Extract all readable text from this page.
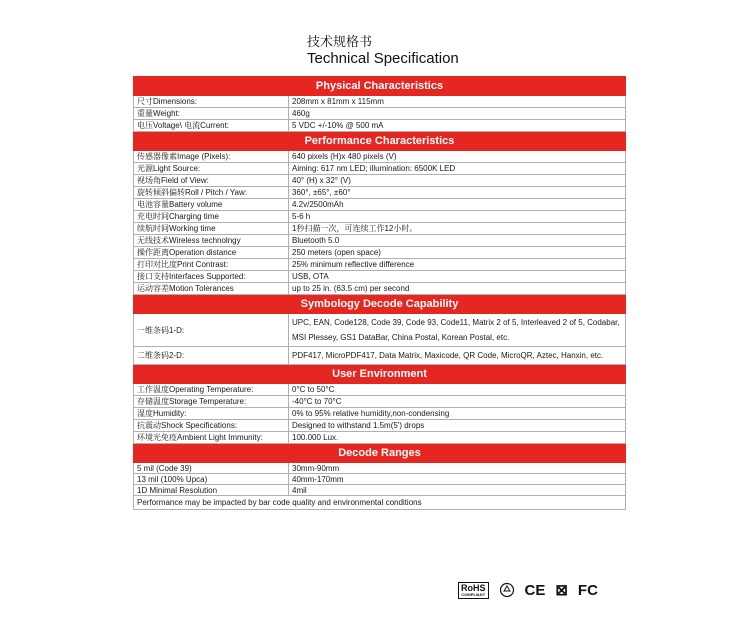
技术规格书
Technical Specification
Physical Characteristics	
尺寸Dimensions:	208mm x 81mm x 115mm
重量Weight:	460g
电压Voltage\ 电流Current:	5 VDC +/-10% @ 500 mA
Performance Characteristics	
传感器像素Image (Pixels):	640 pixels (H)x 480 pixels (V)
光源Light Source:	Aiming: 617 nm LED; illumination: 6500K LED
视场角Field of View:	40° (H) x 32° (V)
旋转倾斜偏转Roll / Pitch / Yaw:	360°, ±65°, ±60°
电池容量Battery volume	4.2v/2500mAh
充电时间Charging time	5-6 h
续航时间Working time	1秒扫描一次，可连续工作12小时。
无线技术Wireless technolngy	Bluetooth 5.0
操作距离Operation distance	250 meters (open space)
打印对比度Print Contrast:	25% minimum reflective difference
接口支持Interfaces Supported:	USB, OTA
运动容差Motion Tolerances	up to 25 in. (63.5 cm) per second
Symbology Decode Capability	
一维条码1-D:	UPC, EAN, Code128, Code 39, Code 93, Code11, Matrix 2 of 5, Interleaved 2 of 5, Codabar, MSI Plessey, GS1 DataBar, China Postal, Korean Postal, etc.
二维条码2-D:	PDF417, MicroPDF417, Data Matrix, Maxicode, QR Code, MicroQR, Aztec, Hanxin, etc.
User Environment	
工作温度Operating Temperature:	0°C to 50°C
存储温度Storage Temperature:	-40°C to 70°C
湿度Humidity:	0% to 95% relative humidity,non-condensing
抗震动Shock Specifications:	Designed to withstand 1.5m(5') drops
环境光免疫Ambient Light Immunity:	100.000 Lux.
Decode Ranges	
5 mil (Code 39)	30mm-90mm
13 mil (100% Upca)	40mm-170mm
1D Minimal Resolution	4mil
Performance may be impacted by bar code quality and environmental conditions	
RoHS
COMPLIANT	CE ⊠ FC
